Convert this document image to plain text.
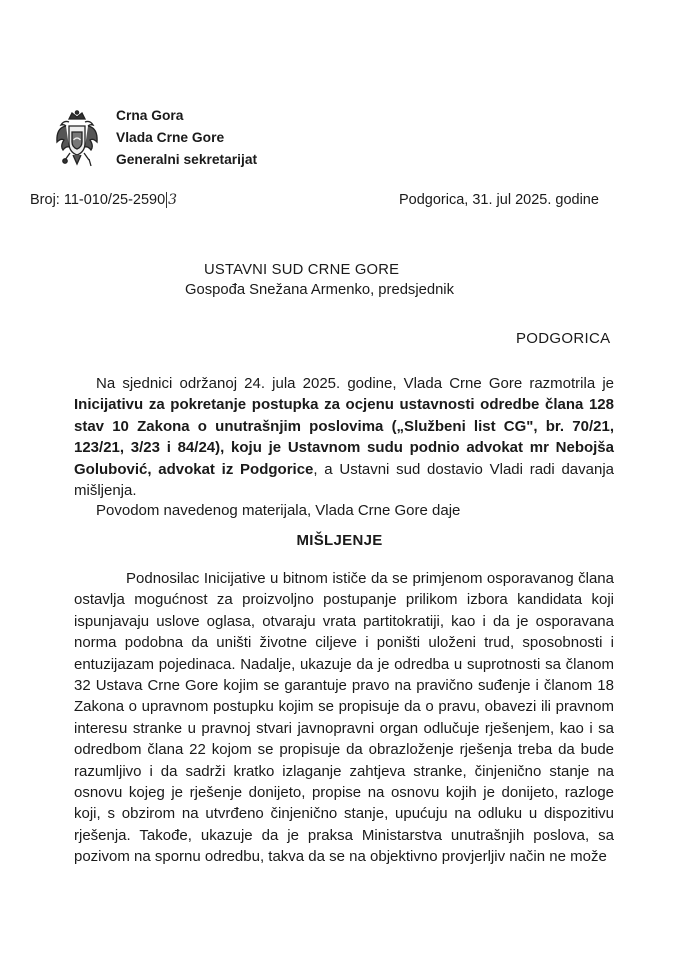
Crna Gora
Vlada Crne Gore
Generalni sekretarijat
Broj: 11-010/25-2590 3	Podgorica, 31. jul 2025. godine
USTAVNI SUD CRNE GORE
Gospođa Snežana Armenko, predsjednik
PODGORICA
Na sjednici održanoj 24. jula 2025. godine, Vlada Crne Gore razmotrila je Inicijativu za pokretanje postupka za ocjenu ustavnosti odredbe člana 128 stav 10 Zakona o unutrašnjim poslovima („Službeni list CG", br. 70/21, 123/21, 3/23 i 84/24), koju je Ustavnom sudu podnio advokat mr Nebojša Golubović, advokat iz Podgorice, a Ustavni sud dostavio Vladi radi davanja mišljenja.
Povodom navedenog materijala, Vlada Crne Gore daje
MIŠLJENJE
Podnosilac Inicijative u bitnom ističe da se primjenom osporavanog člana ostavlja mogućnost za proizvoljno postupanje prilikom izbora kandidata koji ispunjavaju uslove oglasa, otvaraju vrata partitokratiji, kao i da je osporavana norma podobna da uništi životne ciljeve i poništi uloženi trud, sposobnosti i entuzijazam pojedinaca. Nadalje, ukazuje da je odredba u suprotnosti sa članom 32 Ustava Crne Gore kojim se garantuje pravo na pravično suđenje i članom 18 Zakona o upravnom postupku kojim se propisuje da o pravu, obavezi ili pravnom interesu stranke u pravnoj stvari javnopravni organ odlučuje rješenjem, kao i sa odredbom člana 22 kojom se propisuje da obrazloženje rješenja treba da bude razumljivo i da sadrži kratko izlaganje zahtjeva stranke, činjenično stanje na osnovu kojeg je rješenje donijeto, propise na osnovu kojih je donijeto, razloge koji, s obzirom na utvrđeno činjenično stanje, upućuju na odluku u dispozitivu rješenja. Takođe, ukazuje da je praksa Ministarstva unutrašnjih poslova, sa pozivom na spornu odredbu, takva da se na objektivno provjerljiv način ne može
